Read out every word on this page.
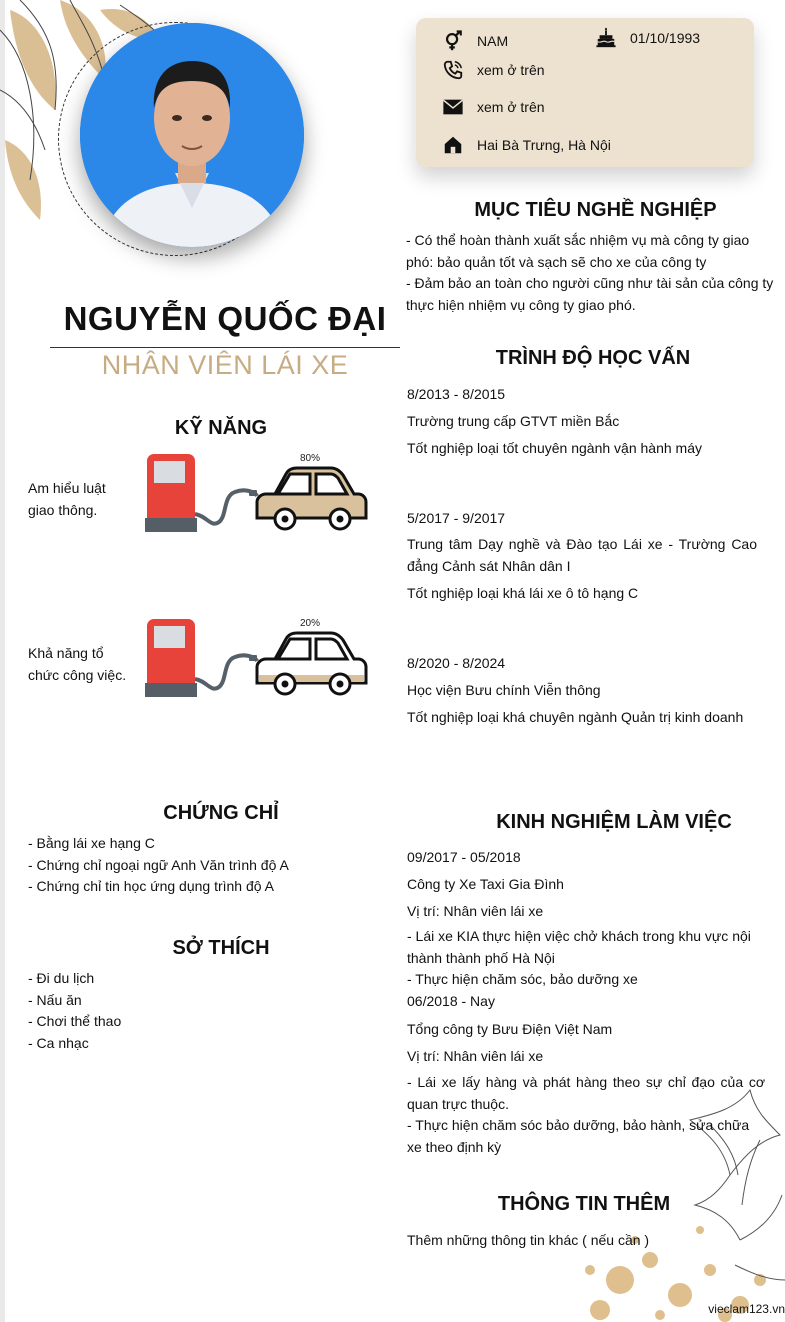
NGUYỄN QUỐC ĐẠI
NHÂN VIÊN LÁI XE
NAM	01/10/1993
xem ở trên
xem ở trên
Hai Bà Trưng, Hà Nội
MỤC TIÊU NGHỀ NGHIỆP
- Có thể hoàn thành xuất sắc nhiệm vụ mà công ty giao
phó: bảo quản tốt và sạch sẽ cho xe của công ty
- Đảm bảo an toàn cho người cũng như tài sản của công ty
thực hiện nhiệm vụ công ty giao phó.
KỸ NĂNG
Am hiểu luật
giao thông.
80%
Khả năng tổ
chức công việc.
20%
TRÌNH ĐỘ HỌC VẤN
8/2013 - 8/2015
Trường trung cấp GTVT miền Bắc
Tốt nghiệp loại tốt chuyên ngành vận hành máy
5/2017 - 9/2017
Trung tâm Dạy nghề và Đào tạo Lái xe - Trường Cao
đẳng Cảnh sát Nhân dân I
Tốt nghiệp loại khá lái xe ô tô hạng C
8/2020 - 8/2024
Học viện Bưu chính Viễn thông
Tốt nghiệp loại khá chuyên ngành Quản trị kinh doanh
CHỨNG CHỈ
- Bằng lái xe hạng C
- Chứng chỉ ngoại ngữ Anh Văn trình độ A
- Chứng chỉ tin học ứng dụng trình độ A
SỞ THÍCH
- Đi du lịch
- Nấu ăn
- Chơi thể thao
- Ca nhạc
KINH NGHIỆM LÀM VIỆC
09/2017 - 05/2018
Công ty Xe Taxi Gia Đình
Vị trí: Nhân viên lái xe
- Lái xe KIA thực hiện việc chở khách trong khu vực nội
thành thành phố Hà Nội
- Thực hiện chăm sóc, bảo dưỡng xe
06/2018 - Nay
Tổng công ty Bưu Điện Việt Nam
Vị trí: Nhân viên lái xe
- Lái xe lấy hàng và phát hàng theo sự chỉ đạo của cơ
quan trực thuộc.
- Thực hiện chăm sóc bảo dưỡng, bảo hành, sửa chữa
xe theo định kỳ
THÔNG TIN THÊM
Thêm những thông tin khác ( nếu cần )
vieclam123.vn
